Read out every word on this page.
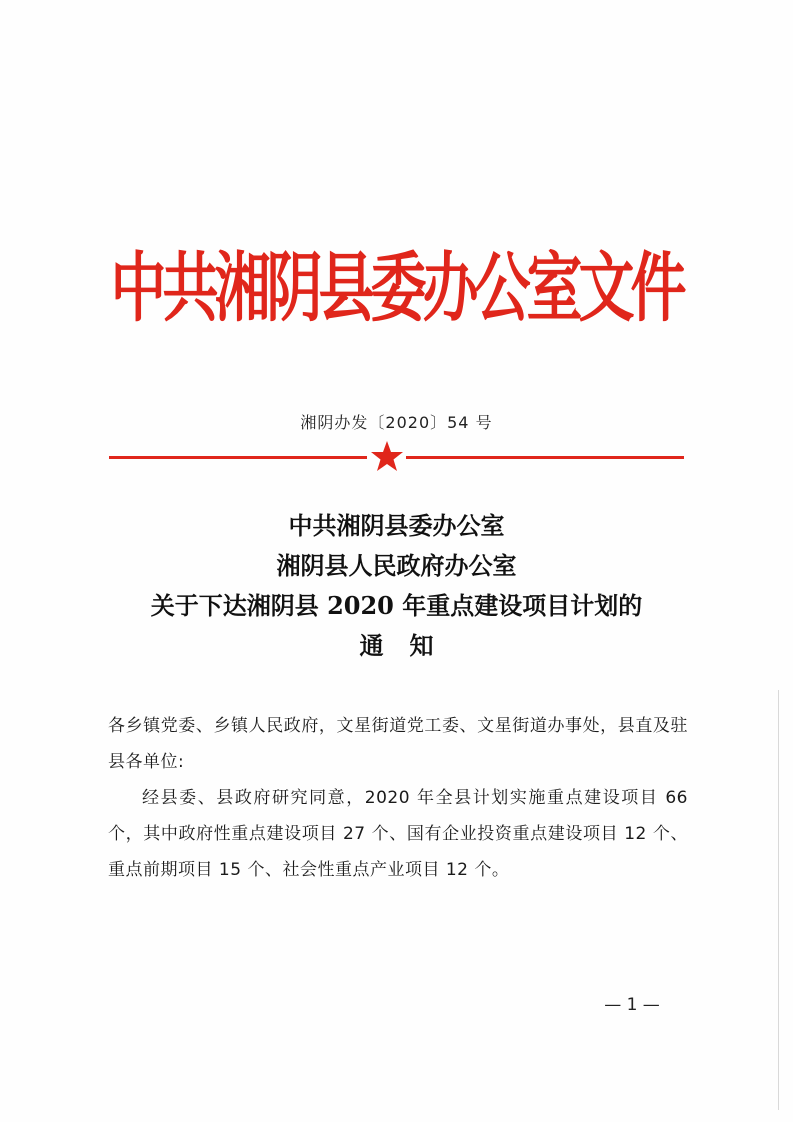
中共湘阴县委办公室文件
湘阴办发〔2020〕54 号
中共湘阴县委办公室
湘阴县人民政府办公室
关于下达湘阴县 2020 年重点建设项目计划的
通知

各乡镇党委、乡镇人民政府，文星街道党工委、文星街道办事处，县直及驻县各单位:

经县委、县政府研究同意，2020 年全县计划实施重点建设项目 66 个，其中政府性重点建设项目 27 个、国有企业投资重点建设项目 12 个、重点前期项目 15 个、社会性重点产业项目 12 个。

— 1 —
